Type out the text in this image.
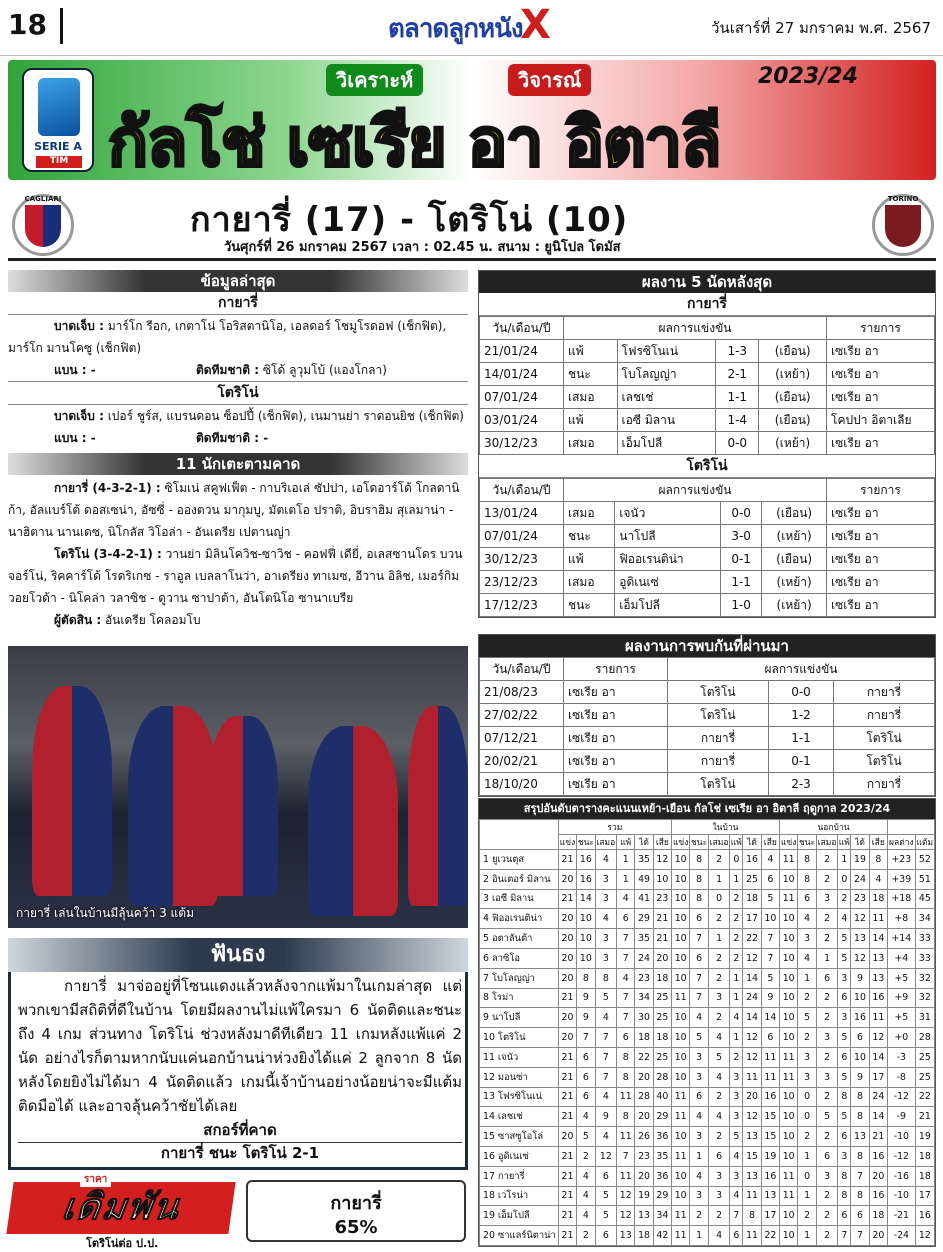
18	ตลาดลูกหนัง
X	วันเสาร์ที่ 27 มกราคม พ.ศ. 2567
SERIE A
TIM
วิเคราะห์	วิจารณ์	2023/24
กัลโช่ เซเรีย อา อิตาลี
CAGLIARI	TORINO
กายารี่ (17) - โตริโน่ (10)
วันศุกร์ที่ 26 มกราคม 2567 เวลา : 02.45 น. สนาม : ยูนิโปล โดมัส
ข้อมูลล่าสุด
กายารี่
บาดเจ็บ : มาร์โก รีอก, เกตาโน่ โอริสตานิโอ, เอลดอร์ โชมูโรดอฟ (เช็กฟิต), มาร์โก มานโคซู (เช็กฟิต)
แบน : -	ติดทีมชาติ :
ซิโด้ ลูวุมโบ้ (แองโกลา)
โตริโน่
บาดเจ็บ : เปอร์ ชูร์ส, แบรนดอน ซ็อปปี้ (เช็กฟิต), เนมานย่า ราดอนยิช (เช็กฟิต)
แบน : -	ติดทีมชาติ : -
11 นักเตะตามคาด
กายารี่ (4-3-2-1) : ซิโมเน่ สคูฟเฟ็ต - กาบริเอเล่ ซัปปา, เอโดอาร์โด้ โกลดานิก้า, อัลแบร์โต้ ดอสเซน่า, อัซซี่ - อองตวน มากุมบู, มัตเตโอ ปราติ, อิบราฮิม สุเลมาน่า - นาฮิตาน นานเดซ, นิโกลัส วิโอล่า - อันเดรีย เปตานญ่า
โตริโน่ (3-4-2-1) : วานย่า มิลินโควิช-ซาวิช - คอฟฟี่ เดียี่, อเลสซานโดร บวนจอร์โน่, ริคคาร์โด้ โรดริเกซ - ราอูล เบลลาโนว่า, อาเดรียง ทาเมซ, อีวาน อิลิช, เมอร์กิม วอยโวด้า - นิโคล่า วลาซิช - ดูวาน ซาปาต้า, อันโตนิโอ ซานาเบรีย
ผู้ตัดสิน : อันเดรีย โคลอมโบ
กายารี่ เล่นในบ้านมีลุ้นคว้า 3 แต้ม
ฟันธง
กายารี่ มาจ่ออยู่ที่โซนแดงแล้วหลังจากแพ้มาในเกมล่าสุด แต่พวกเขามีสถิติที่ดีในบ้าน โดยมีผลงานไม่แพ้ใครมา 6 นัดติดและชนะถึง 4 เกม ส่วนทาง โตริโน่ ช่วงหลังมาดีทีเดียว 11 เกมหลังแพ้แค่ 2 นัด อย่างไรก็ตามหากนับแค่นอกบ้านน่าห่วงยิงได้แค่ 2 ลูกจาก 8 นัดหลังโดยยิงไม่ได้มา 4 นัดติดแล้ว เกมนี้เจ้าบ้านอย่างน้อยน่าจะมีแต้มติดมือได้ และอาจลุ้นคว้าชัยได้เลย
สกอร์ที่คาด
กายารี่ ชนะ โตริโน่ 2-1
เดิมพัน
ราคา
โตริโน่ต่อ ป.ป.
กายารี่
65%
ผลงาน 5 นัดหลังสุด
กายารี่
วัน/เดือน/ปี	ผลการแข่งขัน				รายการ
21/01/24	แพ้	โฟรซิโนเน่	1-3	(เยือน)	เซเรีย อา
14/01/24	ชนะ	โบโลญญ่า	2-1	(เหย้า)	เซเรีย อา
07/01/24	เสมอ	เลชเช่	1-1	(เยือน)	เซเรีย อา
03/01/24	แพ้	เอซี มิลาน	1-4	(เยือน)	โคปปา อิตาเลีย
30/12/23	เสมอ	เอ็มโปลี	0-0	(เหย้า)	เซเรีย อา
โตริโน่
วัน/เดือน/ปี	ผลการแข่งขัน				รายการ
13/01/24	เสมอ	เจนัว	0-0	(เยือน)	เซเรีย อา
07/01/24	ชนะ	นาโปลี	3-0	(เหย้า)	เซเรีย อา
30/12/23	แพ้	ฟิออเรนติน่า	0-1	(เยือน)	เซเรีย อา
23/12/23	เสมอ	อูดิเนเซ่	1-1	(เหย้า)	เซเรีย อา
17/12/23	ชนะ	เอ็มโปลี	1-0	(เหย้า)	เซเรีย อา
ผลงานการพบกันที่ผ่านมา
วัน/เดือน/ปี	รายการ	ผลการแข่งขัน		
21/08/23	เซเรีย อา	โตริโน่	0-0	กายารี่
27/02/22	เซเรีย อา	โตริโน่	1-2	กายารี่
07/12/21	เซเรีย อา	กายารี่	1-1	โตริโน่
20/02/21	เซเรีย อา	กายารี่	0-1	โตริโน่
18/10/20	เซเรีย อา	โตริโน่	2-3	กายารี่
สรุปอันดับตารางคะแนนเหย้า-เยือน กัลโช่ เซเรีย อา อิตาลี ฤดูกาล 2023/24
	รวม						ในบ้าน						นอกบ้าน							
	แข่ง	ชนะ	เสมอ	แพ้	ได้	เสีย	แข่ง	ชนะ	เสมอ	แพ้	ได้	เสีย	แข่ง	ชนะ	เสมอ	แพ้	ได้	เสีย	ผลต่าง	แต้ม
1 ยูเวนตุส	21	16	4	1	35	12	10	8	2	0	16	4	11	8	2	1	19	8	+23	52
2 อินเตอร์ มิลาน	20	16	3	1	49	10	10	8	1	1	25	6	10	8	2	0	24	4	+39	51
3 เอซี มิลาน	21	14	3	4	41	23	10	8	0	2	18	5	11	6	3	2	23	18	+18	45
4 ฟิออเรนติน่า	20	10	4	6	29	21	10	6	2	2	17	10	10	4	2	4	12	11	+8	34
5 อตาลันต้า	20	10	3	7	35	21	10	7	1	2	22	7	10	3	2	5	13	14	+14	33
6 ลาซิโอ	20	10	3	7	24	20	10	6	2	2	12	7	10	4	1	5	12	13	+4	33
7 โบโลญญ่า	20	8	8	4	23	18	10	7	2	1	14	5	10	1	6	3	9	13	+5	32
8 โรม่า	21	9	5	7	34	25	11	7	3	1	24	9	10	2	2	6	10	16	+9	32
9 นาโปลี	20	9	4	7	30	25	10	4	2	4	14	14	10	5	2	3	16	11	+5	31
10 โตริโน่	20	7	7	6	18	18	10	5	4	1	12	6	10	2	3	5	6	12	+0	28
11 เจนัว	21	6	7	8	22	25	10	3	5	2	12	11	11	3	2	6	10	14	-3	25
12 มอนซ่า	21	6	7	8	20	28	10	3	4	3	11	11	11	3	3	5	9	17	-8	25
13 โฟรซิโนเน่	21	6	4	11	28	40	11	6	2	3	20	16	10	0	2	8	8	24	-12	22
14 เลชเช่	21	4	9	8	20	29	11	4	4	3	12	15	10	0	5	5	8	14	-9	21
15 ซาสซูโอโล่	20	5	4	11	26	36	10	3	2	5	13	15	10	2	2	6	13	21	-10	19
16 อูดิเนเซ่	21	2	12	7	23	35	11	1	6	4	15	19	10	1	6	3	8	16	-12	18
17 กายารี่	21	4	6	11	20	36	10	4	3	3	13	16	11	0	3	8	7	20	-16	18
18 เวโรน่า	21	4	5	12	19	29	10	3	3	4	11	13	11	1	2	8	8	16	-10	17
19 เอ็มโปลี	21	4	5	12	13	34	11	2	2	7	8	17	10	2	2	6	6	18	-21	16
20 ซาแลร์นิตาน่า	21	2	6	13	18	42	11	1	4	6	11	22	10	1	2	7	7	20	-24	12
